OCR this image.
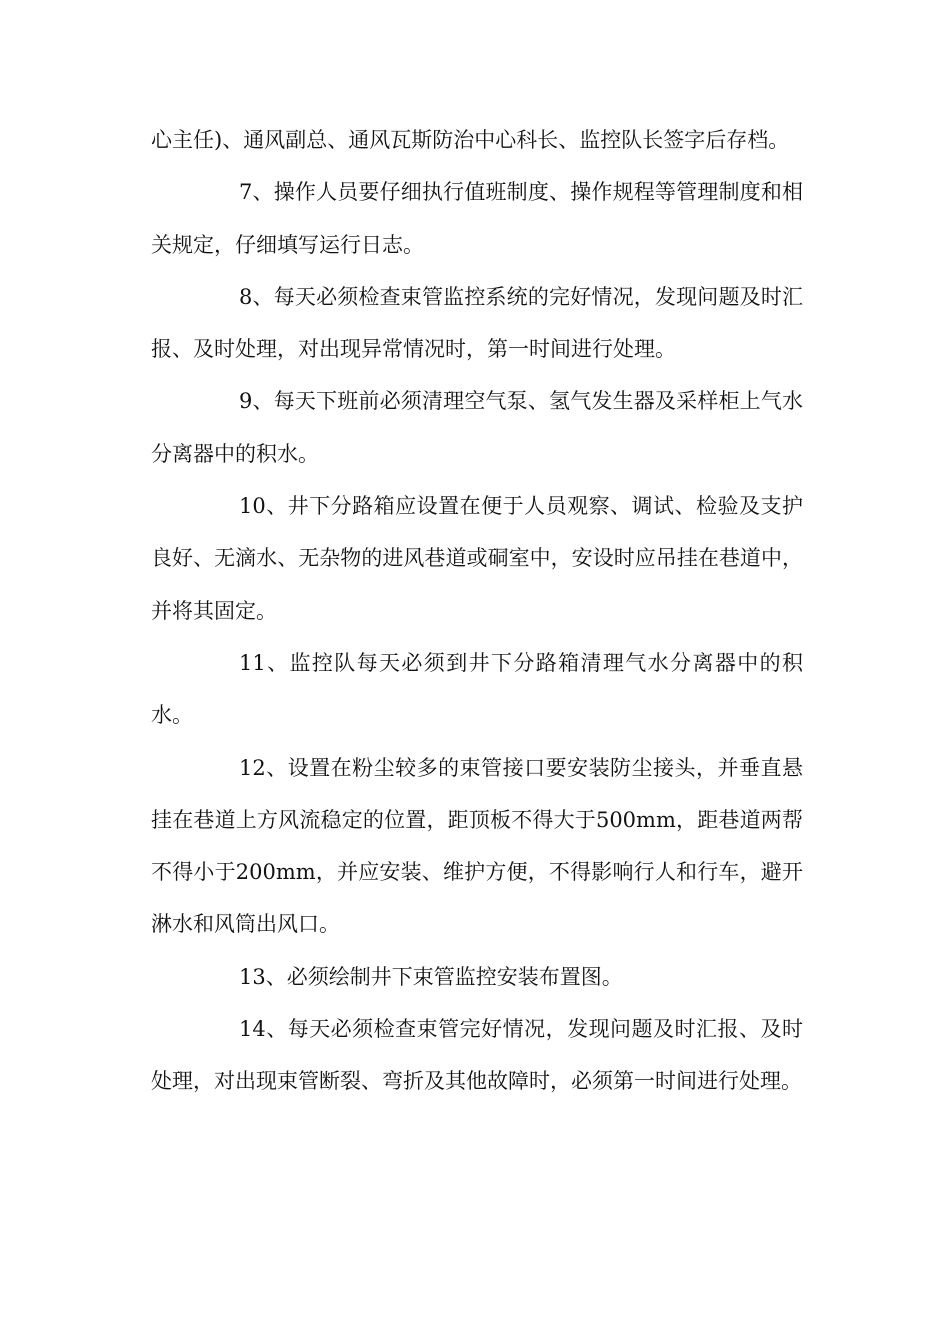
心主任)、通风副总、通风瓦斯防治中心科长、监控队长签字后存档。

7、操作人员要仔细执行值班制度、操作规程等管理制度和相关规定，仔细填写运行日志。

8、每天必须检查束管监控系统的完好情况，发现问题及时汇报、及时处理，对出现异常情况时，第一时间进行处理。

9、每天下班前必须清理空气泵、氢气发生器及采样柜上气水分离器中的积水。

10、井下分路箱应设置在便于人员观察、调试、检验及支护良好、无滴水、无杂物的进风巷道或硐室中，安设时应吊挂在巷道中，并将其固定。

11、监控队每天必须到井下分路箱清理气水分离器中的积水。

12、设置在粉尘较多的束管接口要安装防尘接头，并垂直悬挂在巷道上方风流稳定的位置，距顶板不得大于500mm，距巷道两帮不得小于200mm，并应安装、维护方便，不得影响行人和行车，避开淋水和风筒出风口。

13、必须绘制井下束管监控安装布置图。

14、每天必须检查束管完好情况，发现问题及时汇报、及时处理，对出现束管断裂、弯折及其他故障时，必须第一时间进行处理。
